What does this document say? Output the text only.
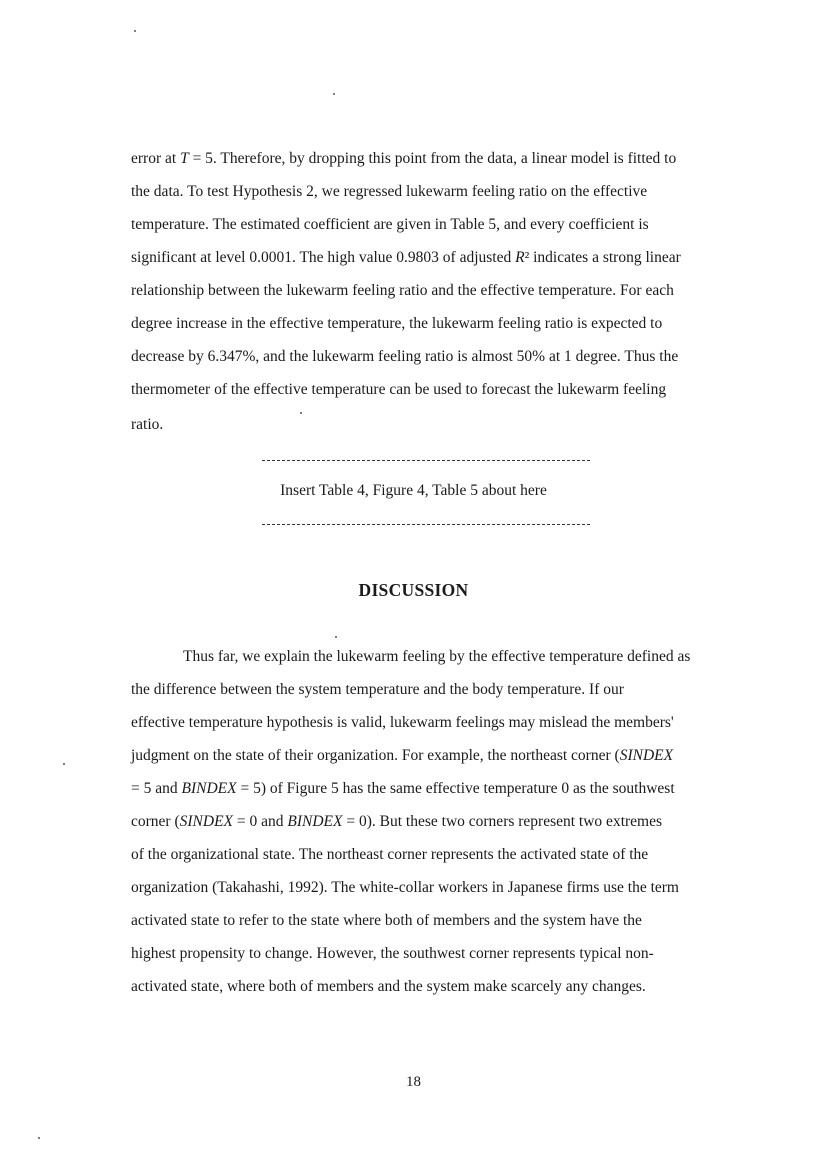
error at T = 5. Therefore, by dropping this point from the data, a linear model is fitted to
the data. To test Hypothesis 2, we regressed lukewarm feeling ratio on the effective
temperature. The estimated coefficient are given in Table 5, and every coefficient is
significant at level 0.0001. The high value 0.9803 of adjusted R² indicates a strong linear
relationship between the lukewarm feeling ratio and the effective temperature. For each
degree increase in the effective temperature, the lukewarm feeling ratio is expected to
decrease by 6.347%, and the lukewarm feeling ratio is almost 50% at 1 degree. Thus the
thermometer of the effective temperature can be used to forecast the lukewarm feeling
ratio.
Insert Table 4, Figure 4, Table 5 about here
DISCUSSION
Thus far, we explain the lukewarm feeling by the effective temperature defined as
the difference between the system temperature and the body temperature. If our
effective temperature hypothesis is valid, lukewarm feelings may mislead the members'
judgment on the state of their organization. For example, the northeast corner (SINDEX
= 5 and BINDEX = 5) of Figure 5 has the same effective temperature 0 as the southwest
corner (SINDEX = 0 and BINDEX = 0). But these two corners represent two extremes
of the organizational state. The northeast corner represents the activated state of the
organization (Takahashi, 1992). The white-collar workers in Japanese firms use the term
activated state to refer to the state where both of members and the system have the
highest propensity to change. However, the southwest corner represents typical non-
activated state, where both of members and the system make scarcely any changes.
18
